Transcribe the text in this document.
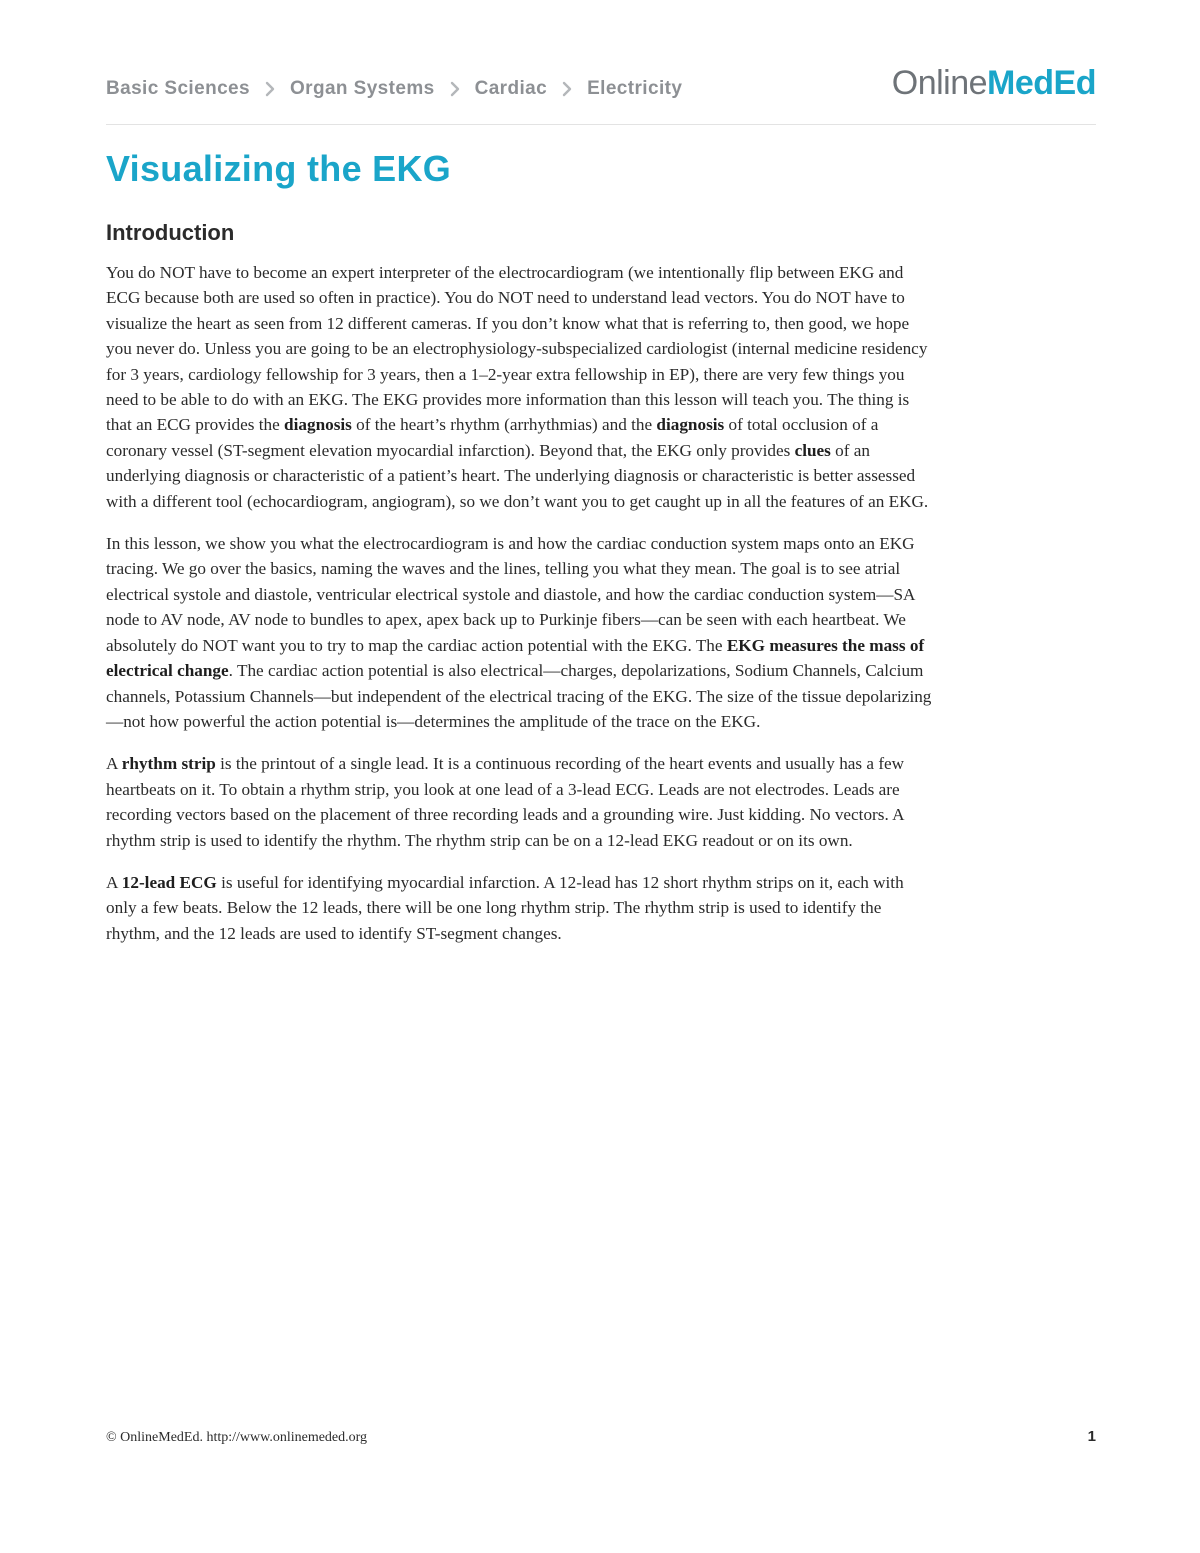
Basic Sciences Organ Systems Cardiac Electricity	OnlineMedEd
Visualizing the EKG
Introduction

You do NOT have to become an expert interpreter of the electrocardiogram (we intentionally flip between EKG and ECG because both are used so often in practice). You do NOT need to understand lead vectors. You do NOT have to visualize the heart as seen from 12 different cameras. If you don’t know what that is referring to, then good, we hope you never do. Unless you are going to be an electrophysiology-subspecialized cardiologist (internal medicine residency for 3 years, cardiology fellowship for 3 years, then a 1–2-year extra fellowship in EP), there are very few things you need to be able to do with an EKG. The EKG provides more information than this lesson will teach you. The thing is that an ECG provides the diagnosis of the heart’s rhythm (arrhythmias) and the diagnosis of total occlusion of a coronary vessel (ST-segment elevation myocardial infarction). Beyond that, the EKG only provides clues of an underlying diagnosis or characteristic of a patient’s heart. The underlying diagnosis or characteristic is better assessed with a different tool (echocardiogram, angiogram), so we don’t want you to get caught up in all the features of an EKG.

In this lesson, we show you what the electrocardiogram is and how the cardiac conduction system maps onto an EKG tracing. We go over the basics, naming the waves and the lines, telling you what they mean. The goal is to see atrial electrical systole and diastole, ventricular electrical systole and diastole, and how the cardiac conduction system—SA node to AV node, AV node to bundles to apex, apex back up to Purkinje fibers—can be seen with each heartbeat. We absolutely do NOT want you to try to map the cardiac action potential with the EKG. The EKG measures the mass of electrical change. The cardiac action potential is also electrical—charges, depolarizations, Sodium Channels, Calcium channels, Potassium Channels—but independent of the electrical tracing of the EKG. The size of the tissue depolarizing—not how powerful the action potential is—determines the amplitude of the trace on the EKG.

A rhythm strip is the printout of a single lead. It is a continuous recording of the heart events and usually has a few heartbeats on it. To obtain a rhythm strip, you look at one lead of a 3-lead ECG. Leads are not electrodes. Leads are recording vectors based on the placement of three recording leads and a grounding wire. Just kidding. No vectors. A rhythm strip is used to identify the rhythm. The rhythm strip can be on a 12-lead EKG readout or on its own.

A 12-lead ECG is useful for identifying myocardial infarction. A 12-lead has 12 short rhythm strips on it, each with only a few beats. Below the 12 leads, there will be one long rhythm strip. The rhythm strip is used to identify the rhythm, and the 12 leads are used to identify ST-segment changes.

© OnlineMedEd. http://www.onlinemeded.org	1
